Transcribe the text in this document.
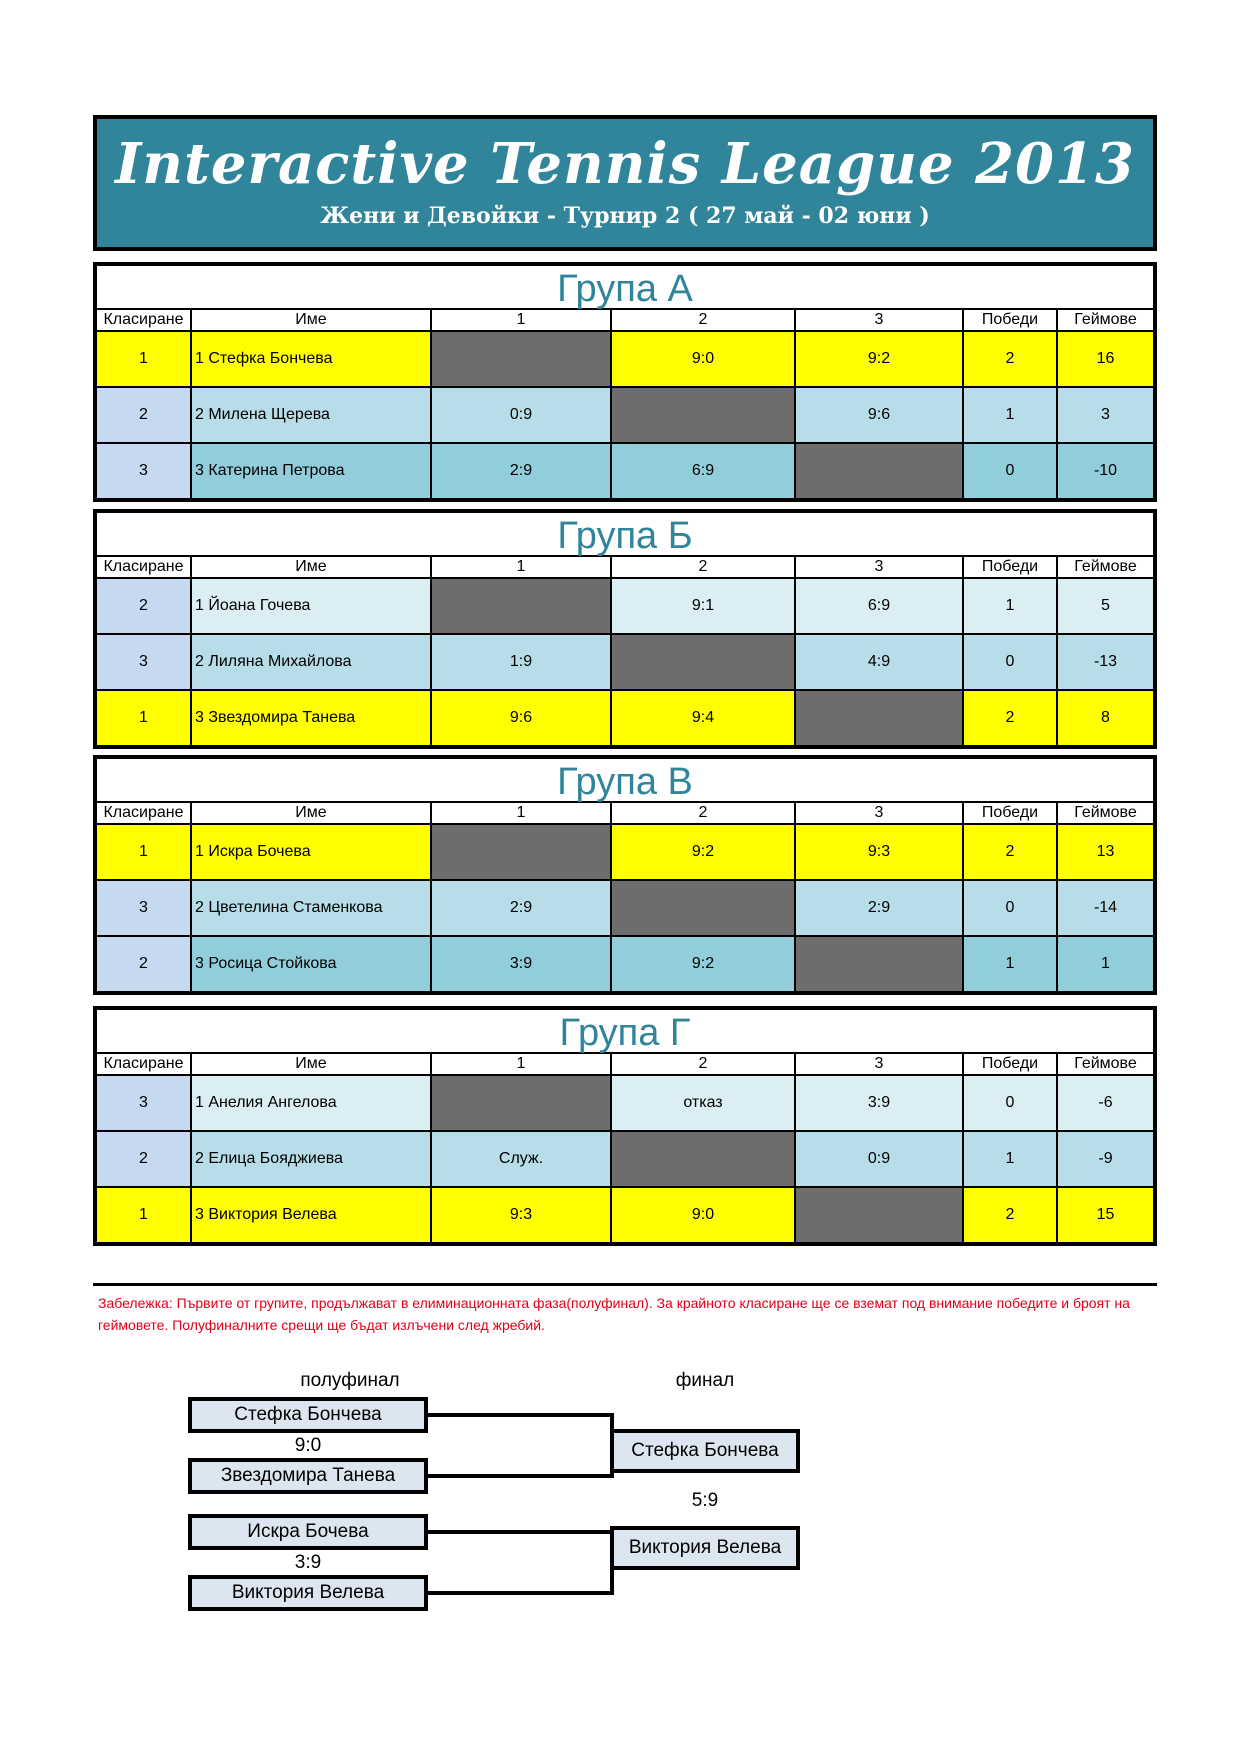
Interactive Tennis League 2013
Жени и Девойки - Турнир 2 ( 27 май - 02 юни )
Група А
Класиране	Име	1	2	3	Победи	Геймове
1	1 Стефка Бончева		9:0	9:2	2	16
2	2 Милена Щерева	0:9		9:6	1	3
3	3 Катерина Петрова	2:9	6:9		0	-10
Група Б
Класиране	Име	1	2	3	Победи	Геймове
2	1 Йоана Гочева		9:1	6:9	1	5
3	2 Лиляна Михайлова	1:9		4:9	0	-13
1	3 Звездомира Танева	9:6	9:4		2	8
Група В
Класиране	Име	1	2	3	Победи	Геймове
1	1 Искра Бочева		9:2	9:3	2	13
3	2 Цветелина Стаменкова	2:9		2:9	0	-14
2	3 Росица Стойкова	3:9	9:2		1	1
Група Г
Класиране	Име	1	2	3	Победи	Геймове
3	1 Анелия Ангелова		отказ	3:9	0	-6
2	2 Елица Бояджиева	Служ.		0:9	1	-9
1	3 Виктория Велева	9:3	9:0		2	15
Забележка: Първите от групите, продължават в елиминационната фаза(полуфинал). За крайното класиране ще се вземат под внимание победите и броят на геймовете. Полуфиналните срещи ще бъдат излъчени след жребий.
полуфинал	финал
Стефка Бончева
9:0
Звездомира Танева
Искра Бочева
3:9
Виктория Велева
Стефка Бончева
5:9
Виктория Велева
